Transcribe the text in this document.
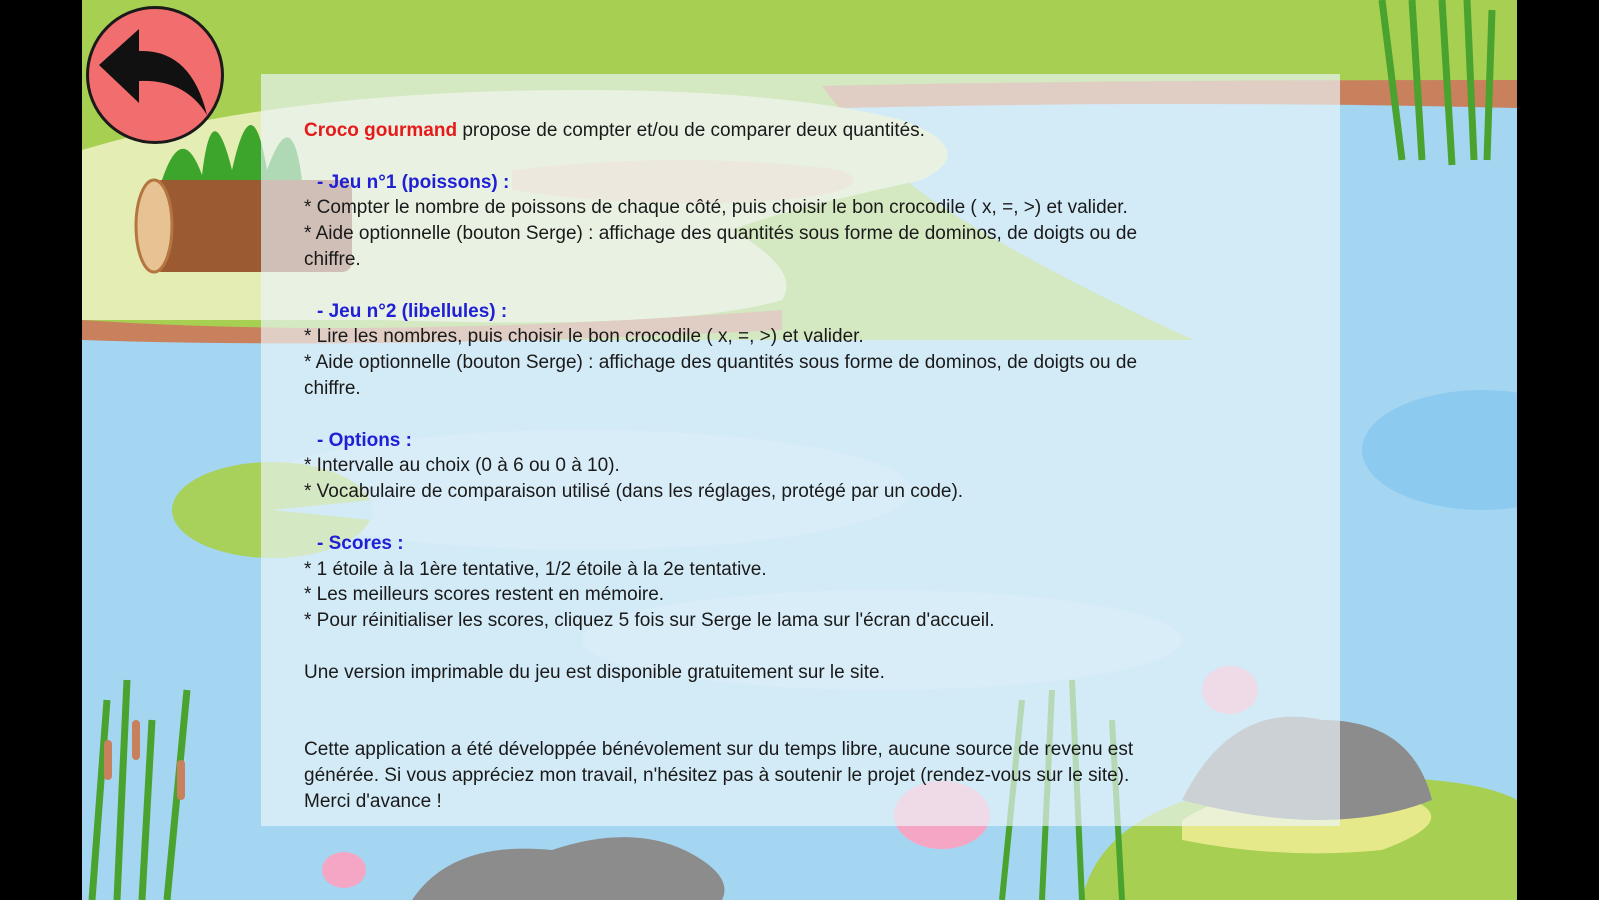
Croco gourmand propose de compter et/ou de comparer deux quantités.

- Jeu n°1 (poissons) :
* Compter le nombre de poissons de chaque côté, puis choisir le bon crocodile ( x, =, >) et valider.
* Aide optionnelle (bouton Serge) : affichage des quantités sous forme de dominos, de doigts ou de
chiffre.
- Jeu n°2 (libellules) :
* Lire les nombres, puis choisir le bon crocodile ( x, =, >) et valider.
* Aide optionnelle (bouton Serge) : affichage des quantités sous forme de dominos, de doigts ou de
chiffre.
- Options :
* Intervalle au choix (0 à 6 ou 0 à 10).
* Vocabulaire de comparaison utilisé (dans les réglages, protégé par un code).
- Scores :
* 1 étoile à la 1ère tentative, 1/2 étoile à la 2e tentative.
* Les meilleurs scores restent en mémoire.
* Pour réinitialiser les scores, cliquez 5 fois sur Serge le lama sur l'écran d'accueil.

Une version imprimable du jeu est disponible gratuitement sur le site.

Cette application a été développée bénévolement sur du temps libre, aucune source de revenu est
générée. Si vous appréciez mon travail, n'hésitez pas à soutenir le projet (rendez-vous sur le site).
Merci d'avance !
